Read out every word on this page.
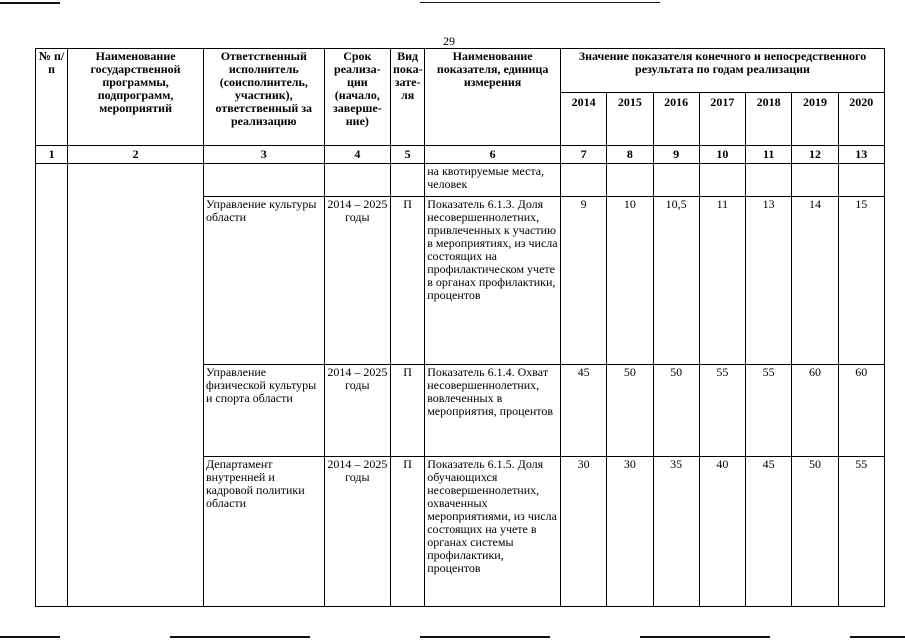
29
№ п/п	Наименование государственной программы, подпрограмм, мероприятий	Ответственный исполнитель (соисполнитель, участник), ответственный за реализацию	Срок реализа-ции (начало, заверше-ние)	Вид пока-зате-ля	Наименование показателя, единица измерения	Значение показателя конечного и непосредственного результата по годам реализации						
						2014	2015	2016	2017	2018	2019	2020
1	2	3	4	5	6	7	8	9	10	11	12	13
					на квотируемые места, человек							
		Управление культуры области	2014 – 2025 годы	П	Показатель 6.1.3. Доля несовершеннолетних, привлеченных к участию в мероприятиях, из числа состоящих на профилактическом учете в органах профилактики, процентов	9	10	10,5	11	13	14	15
		Управление физической культуры и спорта области	2014 – 2025 годы	П	Показатель 6.1.4. Охват несовершеннолетних, вовлеченных в мероприятия, процентов	45	50	50	55	55	60	60
		Департамент внутренней и кадровой политики области	2014 – 2025 годы	П	Показатель 6.1.5. Доля обучающихся несовершеннолетних, охваченных мероприятиями, из числа состоящих на учете в органах системы профилактики, процентов	30	30	35	40	45	50	55
